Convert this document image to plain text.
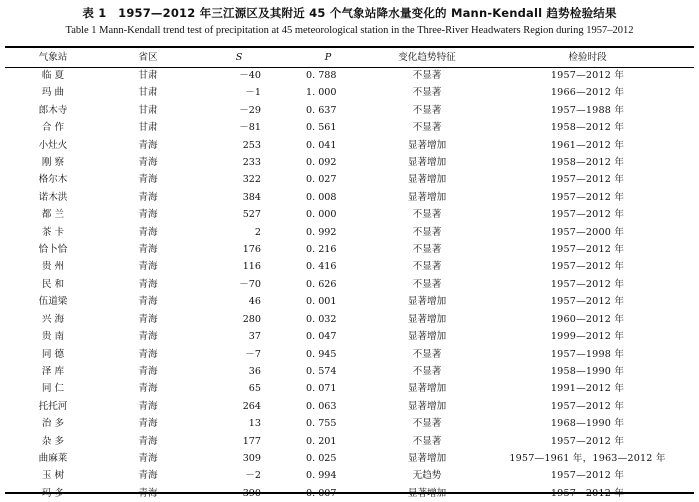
表 1　1957—2012 年三江源区及其附近 45 个气象站降水量变化的 Mann-Kendall 趋势检验结果
Table 1 Mann-Kendall trend test of precipitation at 45 meteorological station in the Three-River Headwaters Region during 1957–2012
气象站	省区	S	P	变化趋势特征	检验时段
临 夏	甘肃	－40	0. 788	不显著	1957—2012 年
玛 曲	甘肃	－1	1. 000	不显著	1966—2012 年
郎木寺	甘肃	－29	0. 637	不显著	1957—1988 年
合 作	甘肃	－81	0. 561	不显著	1958—2012 年
小灶火	青海	253	0. 041	显著增加	1961—2012 年
刚 察	青海	233	0. 092	显著增加	1958—2012 年
格尔木	青海	322	0. 027	显著增加	1957—2012 年
诺木洪	青海	384	0. 008	显著增加	1957—2012 年
都 兰	青海	527	0. 000	不显著	1957—2012 年
茶 卡	青海	2	0. 992	不显著	1957—2000 年
恰卜恰	青海	176	0. 216	不显著	1957—2012 年
贵 州	青海	116	0. 416	不显著	1957—2012 年
民 和	青海	－70	0. 626	不显著	1957—2012 年
伍道梁	青海	46	0. 001	显著增加	1957—2012 年
兴 海	青海	280	0. 032	显著增加	1960—2012 年
贵 南	青海	37	0. 047	显著增加	1999—2012 年
同 德	青海	－7	0. 945	不显著	1957—1998 年
泽 库	青海	36	0. 574	不显著	1958—1990 年
同 仁	青海	65	0. 071	显著增加	1991—2012 年
托托河	青海	264	0. 063	显著增加	1957—2012 年
治 多	青海	13	0. 755	不显著	1968—1990 年
杂 多	青海	177	0. 201	不显著	1957—2012 年
曲麻莱	青海	309	0. 025	显著增加	1957—1961 年，1963—2012 年
玉 树	青海	－2	0. 994	无趋势	1957—2012 年
玛 多	青海	390	0. 007	显著增加	1957—2012 年
